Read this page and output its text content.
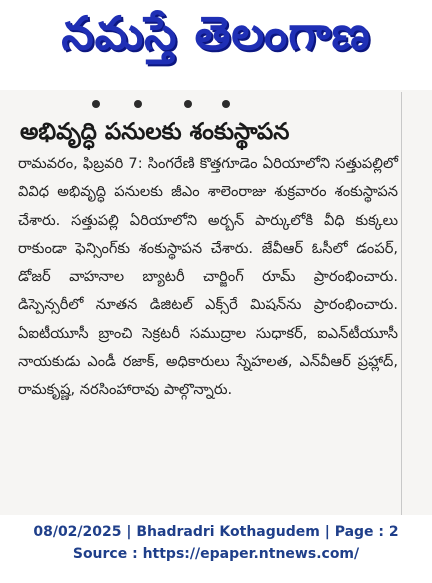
నమస్తే తెలంగాణ
అభివృద్ధి పనులకు శంకుస్థాపన

రామవరం, ఫిబ్రవరి 7: సింగరేణి కొత్తగూడెం ఏరియాలోని సత్తుపల్లిలో వివిధ అభివృద్ధి పనులకు జీఎం శాలెంరాజు శుక్రవారం శంకుస్థాపన చేశారు. సత్తుపల్లి ఏరియాలోని అర్బన్ పార్కులోకి వీధి కుక్కలు రాకుండా ఫెన్సింగ్‌కు శంకుస్థాపన చేశారు. జేవీఆర్ ఓసీలో డంపర్, డోజర్ వాహనాల బ్యాటరీ చార్జింగ్ రూమ్ ప్రారంభించారు. డిస్పెన్సరీలో నూతన డిజిటల్ ఎక్స్‌రే మిషన్‌ను ప్రారంభించారు. ఏఐటీయూసీ బ్రాంచి సెక్రటరీ సముద్రాల సుధాకర్, ఐఎన్‌టీయూసీ నాయకుడు ఎండీ రజాక్, అధికారులు స్నేహలత, ఎన్‌వీఆర్ ప్రహ్లాద్, రామకృష్ణ, నరసింహారావు పాల్గొన్నారు.

08/02/2025 | Bhadradri Kothagudem | Page : 2
Source : https://epaper.ntnews.com/
